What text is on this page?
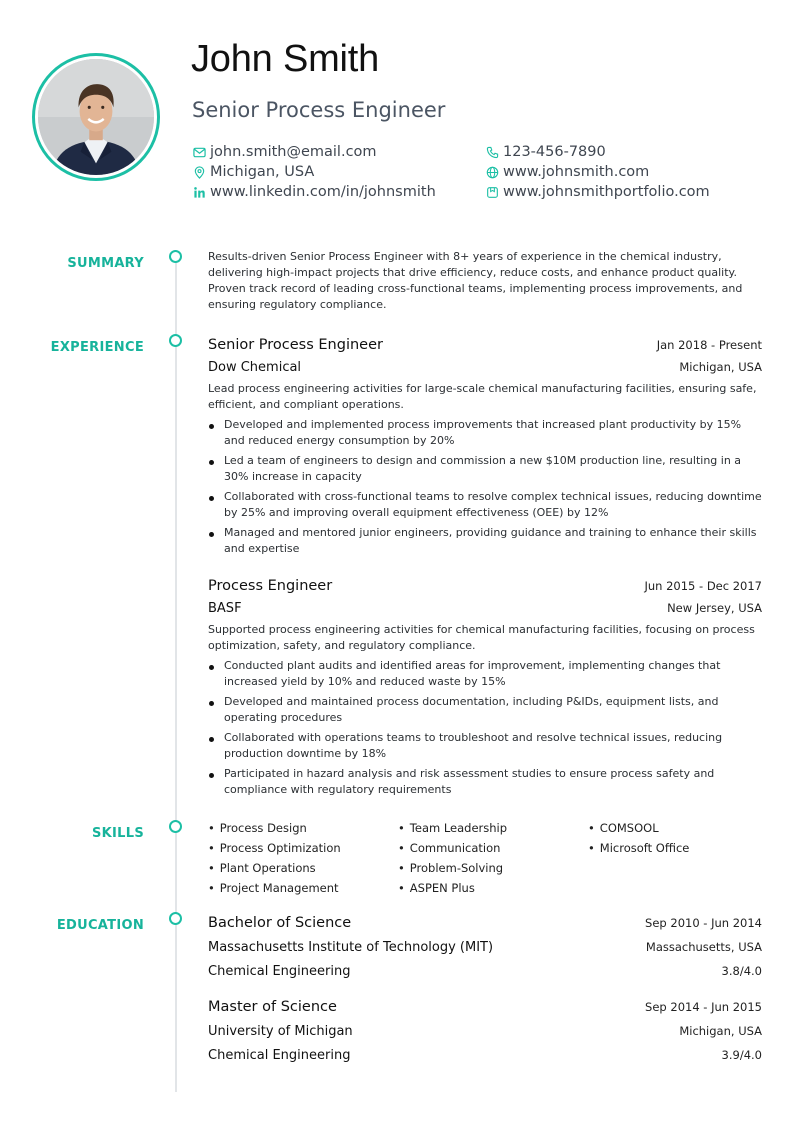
John Smith
Senior Process Engineer
john.smith@email.com	123-456-7890
Michigan, USA	www.johnsmith.com
www.linkedin.com/in/johnsmith	www.johnsmithportfolio.com
SUMMARY	Results-driven Senior Process Engineer with 8+ years of experience in the chemical industry, delivering high-impact projects that drive efficiency, reduce costs, and enhance product quality. Proven track record of leading cross-functional teams, implementing process improvements, and ensuring regulatory compliance.
EXPERIENCE	Senior Process Engineer	Jan 2018 - Present
Dow Chemical	Michigan, USA
Lead process engineering activities for large-scale chemical manufacturing facilities, ensuring safe, efficient, and compliant operations.
Developed and implemented process improvements that increased plant productivity by 15% and reduced energy consumption by 20%
Led a team of engineers to design and commission a new $10M production line, resulting in a 30% increase in capacity
Collaborated with cross-functional teams to resolve complex technical issues, reducing downtime by 25% and improving overall equipment effectiveness (OEE) by 12%
Managed and mentored junior engineers, providing guidance and training to enhance their skills and expertise
Process Engineer	Jun 2015 - Dec 2017
BASF	New Jersey, USA
Supported process engineering activities for chemical manufacturing facilities, focusing on process optimization, safety, and regulatory compliance.
Conducted plant audits and identified areas for improvement, implementing changes that increased yield by 10% and reduced waste by 15%
Developed and maintained process documentation, including P&IDs, equipment lists, and operating procedures
Collaborated with operations teams to troubleshoot and resolve technical issues, reducing production downtime by 18%
Participated in hazard analysis and risk assessment studies to ensure process safety and compliance with regulatory requirements
SKILLS	• Process Design	• Team Leadership	• COMSOOL
• Process Optimization	• Communication	• Microsoft Office
• Plant Operations	• Problem-Solving
• Project Management	• ASPEN Plus
EDUCATION	Bachelor of Science	Sep 2010 - Jun 2014
Massachusetts Institute of Technology (MIT)	Massachusetts, USA
Chemical Engineering	3.8/4.0
Master of Science	Sep 2014 - Jun 2015
University of Michigan	Michigan, USA
Chemical Engineering	3.9/4.0
